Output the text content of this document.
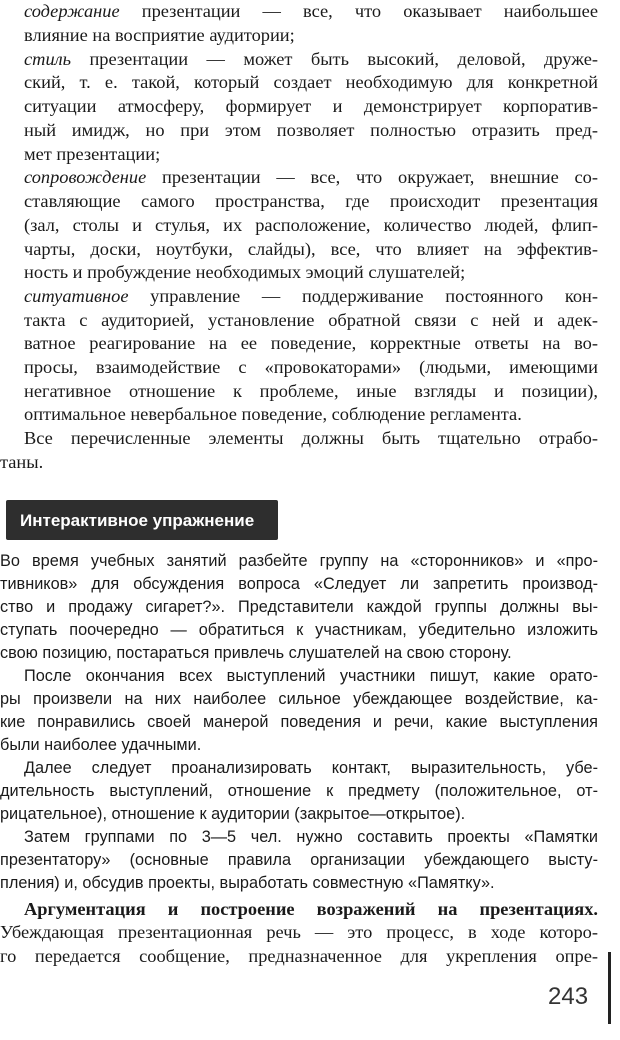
содержание презентации — все, что оказывает наибольшее
влияние на восприятие аудитории;
стиль презентации — может быть высокий, деловой, друже-
ский, т. е. такой, который создает необходимую для конкретной
ситуации атмосферу, формирует и демонстрирует корпоратив-
ный имидж, но при этом позволяет полностью отразить пред-
мет презентации;
сопровождение презентации — все, что окружает, внешние со-
ставляющие самого пространства, где происходит презентация
(зал, столы и стулья, их расположение, количество людей, флип-
чарты, доски, ноутбуки, слайды), все, что влияет на эффектив-
ность и пробуждение необходимых эмоций слушателей;
ситуативное управление — поддерживание постоянного кон-
такта с аудиторией, установление обратной связи с ней и адек-
ватное реагирование на ее поведение, корректные ответы на во-
просы, взаимодействие с «провокаторами» (людьми, имеющими
негативное отношение к проблеме, иные взгляды и позиции),
оптимальное невербальное поведение, соблюдение регламента.
Все перечисленные элементы должны быть тщательно отрабо-
таны.
Интерактивное упражнение
Во время учебных занятий разбейте группу на «сторонников» и «про-
тивников» для обсуждения вопроса «Следует ли запретить производ-
ство и продажу сигарет?». Представители каждой группы должны вы-
ступать поочередно — обратиться к участникам, убедительно изложить
свою позицию, постараться привлечь слушателей на свою сторону.
После окончания всех выступлений участники пишут, какие орато-
ры произвели на них наиболее сильное убеждающее воздействие, ка-
кие понравились своей манерой поведения и речи, какие выступления
были наиболее удачными.
Далее следует проанализировать контакт, выразительность, убе-
дительность выступлений, отношение к предмету (положительное, от-
рицательное), отношение к аудитории (закрытое—открытое).
Затем группами по 3—5 чел. нужно составить проекты «Памятки
презентатору» (основные правила организации убеждающего высту-
пления) и, обсудив проекты, выработать совместную «Памятку».
Аргументация и построение возражений на презентациях.
Убеждающая презентационная речь — это процесс, в ходе которо-
го передается сообщение, предназначенное для укрепления опре-
243
